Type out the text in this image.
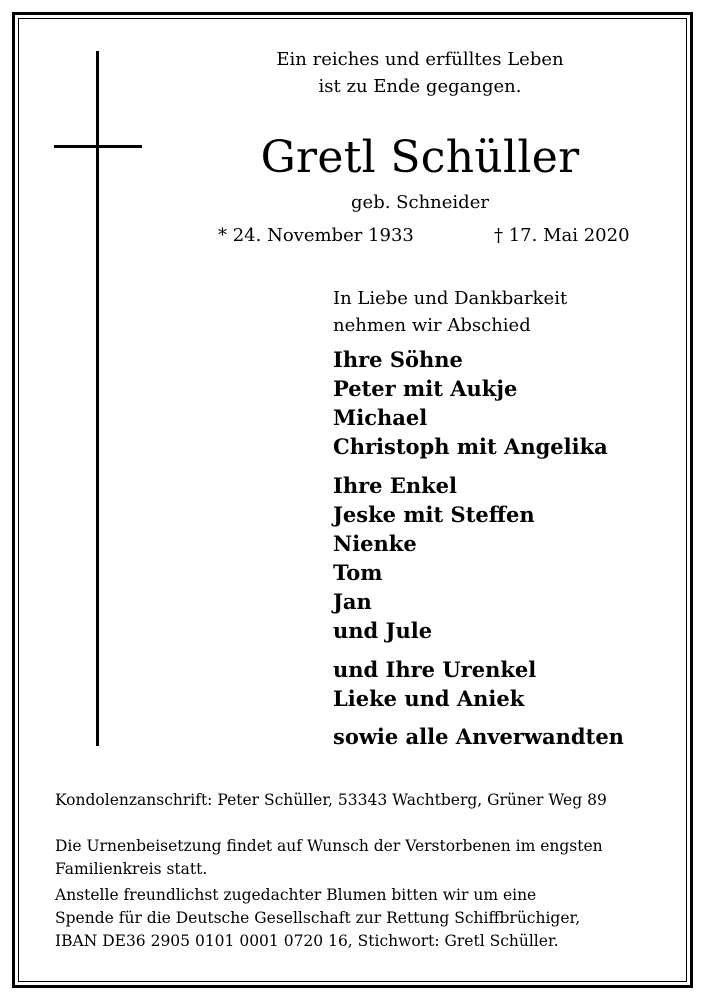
Ein reiches und erfülltes Leben
ist zu Ende gegangen.
Gretl Schüller
geb. Schneider
* 24. November 1933	† 17. Mai 2020
In Liebe und Dankbarkeit
nehmen wir Abschied
Ihre Söhne
Peter mit Aukje
Michael
Christoph mit Angelika
Ihre Enkel
Jeske mit Steffen
Nienke
Tom
Jan
und Jule
und Ihre Urenkel
Lieke und Aniek
sowie alle Anverwandten
Kondolenzanschrift: Peter Schüller, 53343 Wachtberg, Grüner Weg 89
Die Urnenbeisetzung findet auf Wunsch der Verstorbenen im engsten
Familienkreis statt.
Anstelle freundlichst zugedachter Blumen bitten wir um eine
Spende für die Deutsche Gesellschaft zur Rettung Schiffbrüchiger,
IBAN DE36 2905 0101 0001 0720 16, Stichwort: Gretl Schüller.
